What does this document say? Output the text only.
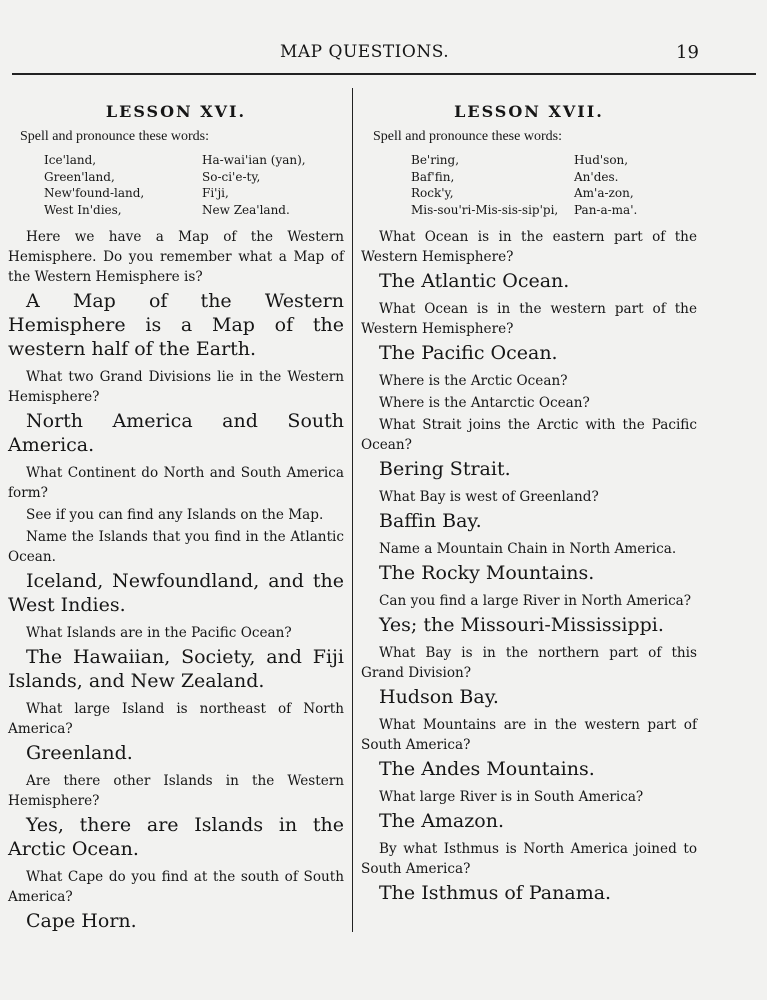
MAP QUESTIONS.	19
LESSON XVI.
Spell and pronounce these words:
Ice'land,	Ha-wai'ian (yan),
Green'land,	So-ci'e-ty,
New'found-land,	Fi'ji,
West In'dies,	New Zea'land.

Here we have a Map of the Western Hemisphere. Do you remember what a Map of the Western Hemisphere is?

A Map of the Western Hemisphere is a Map of the western half of the Earth.

What two Grand Divisions lie in the Western Hemisphere?

North America and South America.

What Continent do North and South America form?

See if you can find any Islands on the Map.

Name the Islands that you find in the Atlantic Ocean.

Iceland, Newfoundland, and the West Indies.

What Islands are in the Pacific Ocean?

The Hawaiian, Society, and Fiji Islands, and New Zealand.

What large Island is northeast of North America?

Greenland.

Are there other Islands in the Western Hemisphere?

Yes, there are Islands in the Arctic Ocean.

What Cape do you find at the south of South America?

Cape Horn.

LESSON XVII.
Spell and pronounce these words:
Be'ring,	Hud'son,
Baf'fin,	An'des.
Rock'y,	Am'a-zon,
Mis-sou'ri-Mis-sis-sip'pi,	Pan-a-ma'.

What Ocean is in the eastern part of the Western Hemisphere?

The Atlantic Ocean.

What Ocean is in the western part of the Western Hemisphere?

The Pacific Ocean.

Where is the Arctic Ocean?

Where is the Antarctic Ocean?

What Strait joins the Arctic with the Pacific Ocean?

Bering Strait.

What Bay is west of Greenland?

Baffin Bay.

Name a Mountain Chain in North America.

The Rocky Mountains.

Can you find a large River in North America?

Yes; the Missouri-Mississippi.

What Bay is in the northern part of this Grand Division?

Hudson Bay.

What Mountains are in the western part of South America?

The Andes Mountains.

What large River is in South America?

The Amazon.

By what Isthmus is North America joined to South America?

The Isthmus of Panama.
